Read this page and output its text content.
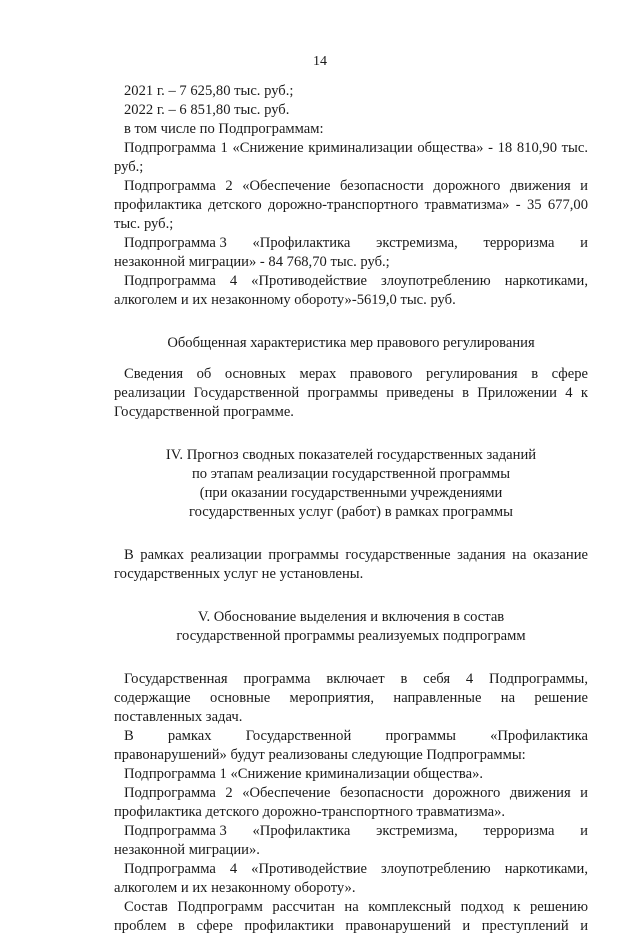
14

2021 г. – 7 625,80 тыс. руб.;

2022 г. – 6 851,80 тыс. руб.

в том числе по Подпрограммам:

Подпрограмма 1 «Снижение криминализации общества» - 18 810,90 тыс. руб.;

Подпрограмма 2 «Обеспечение безопасности дорожного движения и профилактика детского дорожно-транспортного травматизма» - 35 677,00 тыс. руб.;

Подпрограмма 3 «Профилактика экстремизма, терроризма и

незаконной миграции» - 84 768,70 тыс. руб.;

Подпрограмма 4 «Противодействие злоупотреблению наркотиками, алкоголем и их незаконному обороту»-5619,0 тыс. руб.

Обобщенная характеристика мер правового регулирования

Сведения об основных мерах правового регулирования в сфере реализации Государственной программы приведены в Приложении 4 к Государственной программе.

IV. Прогноз сводных показателей государственных заданий

по этапам реализации государственной программы

(при оказании государственными учреждениями

государственных услуг (работ) в рамках программы

В рамках реализации программы государственные задания на оказание государственных услуг не установлены.

V. Обоснование выделения и включения в состав

государственной программы реализуемых подпрограмм

Государственная программа включает в себя 4 Подпрограммы, содержащие основные мероприятия, направленные на решение поставленных задач.

В рамках Государственной программы «Профилактика

правонарушений» будут реализованы следующие Подпрограммы:

Подпрограмма 1 «Снижение криминализации общества».

Подпрограмма 2 «Обеспечение безопасности дорожного движения и профилактика детского дорожно-транспортного травматизма».

Подпрограмма 3 «Профилактика экстремизма, терроризма и

незаконной миграции».

Подпрограмма 4 «Противодействие злоупотреблению наркотиками, алкоголем и их незаконному обороту».

Состав Подпрограмм рассчитан на комплексный подход к решению проблем в сфере профилактики правонарушений и преступлений и
